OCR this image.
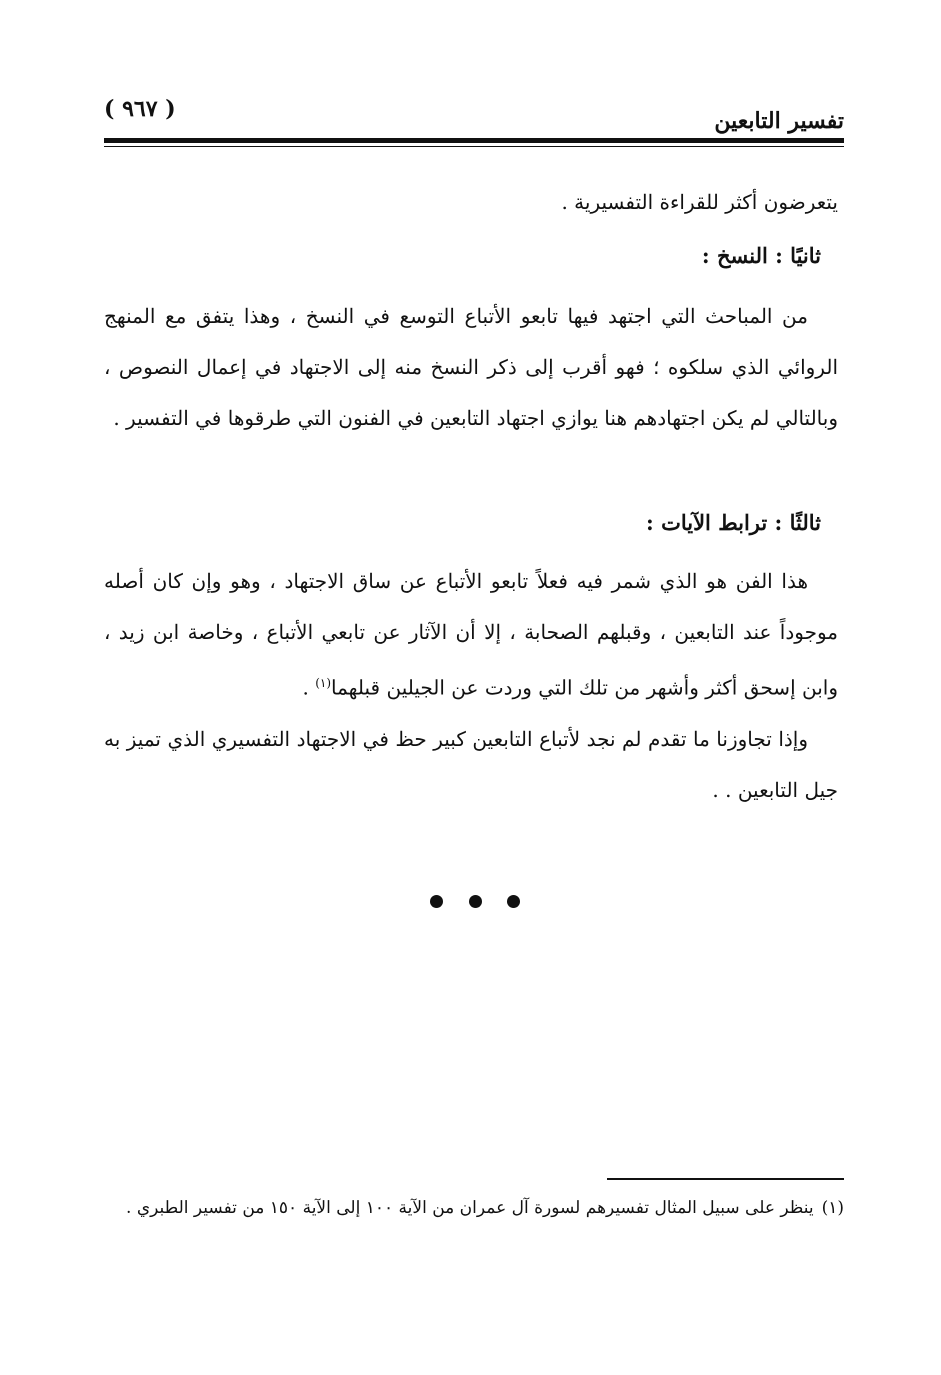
تفسير التابعين
( ٩٦٧ )
يتعرضون أكثر للقراءة التفسيرية .
ثانيًا : النسخ :
من المباحث التي اجتهد فيها تابعو الأتباع التوسع في النسخ ، وهذا يتفق مع المنهج الروائي الذي سلكوه ؛ فهو أقرب إلى ذكر النسخ منه إلى الاجتهاد في إعمال النصوص ، وبالتالي لم يكن اجتهادهم هنا يوازي اجتهاد التابعين في الفنون التي طرقوها في التفسير .
ثالثًا : ترابط الآيات :
هذا الفن هو الذي شمر فيه فعلاً تابعو الأتباع عن ساق الاجتهاد ، وهو وإن كان أصله موجوداً عند التابعين ، وقبلهم الصحابة ، إلا أن الآثار عن تابعي الأتباع ، وخاصة ابن زيد ، وابن إسحق أكثر وأشهر من تلك التي وردت عن الجيلين قبلهما$^{(١)}$ .
وإذا تجاوزنا ما تقدم لم نجد لأتباع التابعين كبير حظ في الاجتهاد التفسيري الذي تميز به جيل التابعين . .
(١)ينظر على سبيل المثال تفسيرهم لسورة آل عمران من الآية ١٠٠ إلى الآية ١٥٠ من تفسير الطبري .
